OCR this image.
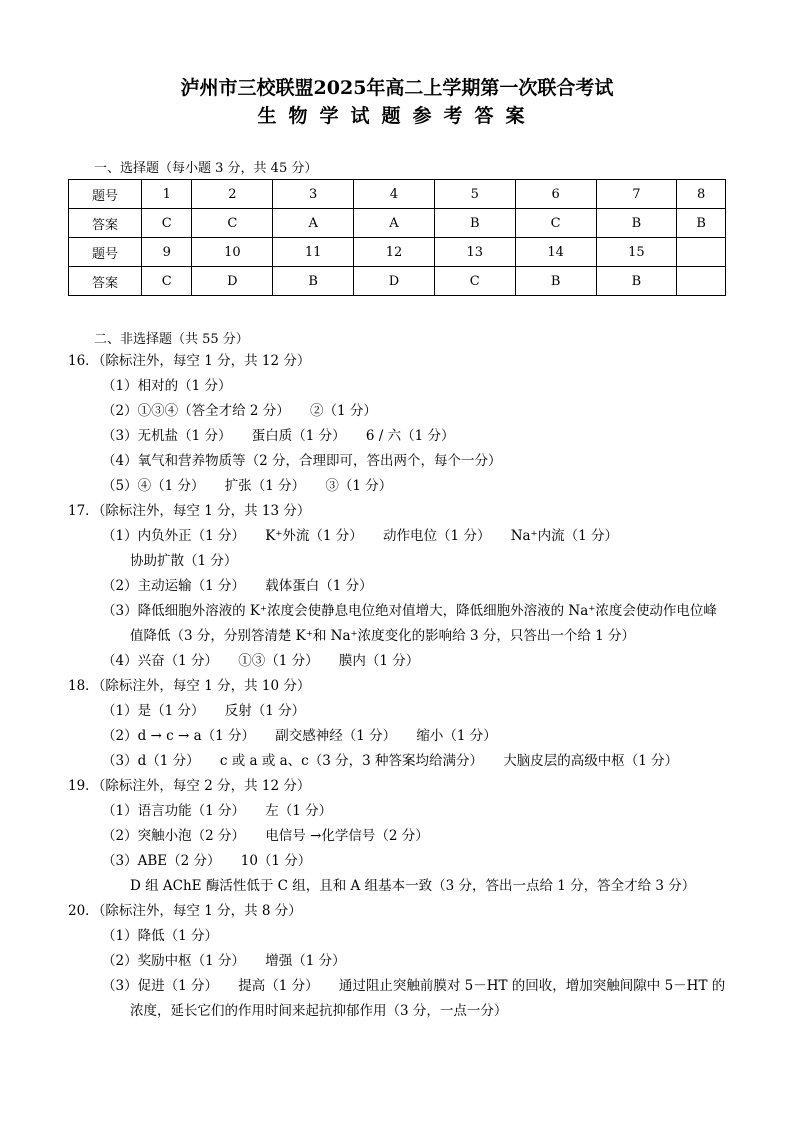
泸州市三校联盟2025年高二上学期第一次联合考试
生物学试题参考答案
一、选择题（每小题 3 分，共 45 分）
题号	1	2	3	4	5	6	7	8
答案	C	C	A	A	B	C	B	B
题号	9	10	11	12	13	14	15	
答案	C	D	B	D	C	B	B	
二、非选择题（共 55 分）
16．（除标注外，每空 1 分，共 12 分）
（1）相对的（1 分）
（2）①③④（答全才给 2 分）　　②（1 分）
（3）无机盐（1 分）　　蛋白质（1 分）　　6 / 六（1 分）
（4）氧气和营养物质等（2 分，合理即可，答出两个，每个一分）
（5）④（1 分）　　扩张（1 分）　　③（1 分）
17．（除标注外，每空 1 分，共 13 分）
（1）内负外正（1 分）　　K⁺外流（1 分）　　动作电位（1 分）　　Na⁺内流（1 分）
协助扩散（1 分）
（2）主动运输（1 分）　　载体蛋白（1 分）
（3）降低细胞外溶液的 K⁺浓度会使静息电位绝对值增大，降低细胞外溶液的 Na⁺浓度会使动作电位峰
值降低（3 分，分别答清楚 K⁺和 Na⁺浓度变化的影响给 3 分，只答出一个给 1 分）
（4）兴奋（1 分）　　①③（1 分）　　膜内（1 分）
18．（除标注外，每空 1 分，共 10 分）
（1）是（1 分）　　反射（1 分）
（2）d → c → a（1 分）　　副交感神经（1 分）　　缩小（1 分）
（3）d（1 分）　　c 或 a 或 a、c（3 分，3 种答案均给满分）　　大脑皮层的高级中枢（1 分）
19．（除标注外，每空 2 分，共 12 分）
（1）语言功能（1 分）　　左（1 分）
（2）突触小泡（2 分）　　电信号 →化学信号（2 分）
（3）ABE（2 分）　　10（1 分）
D 组 AChE 酶活性低于 C 组，且和 A 组基本一致（3 分，答出一点给 1 分，答全才给 3 分）
20．（除标注外，每空 1 分，共 8 分）
（1）降低（1 分）
（2）奖励中枢（1 分）　　增强（1 分）
（3）促进（1 分）　　提高（1 分）　　通过阻止突触前膜对 5－HT 的回收，增加突触间隙中 5－HT 的
浓度，延长它们的作用时间来起抗抑郁作用（3 分，一点一分）
